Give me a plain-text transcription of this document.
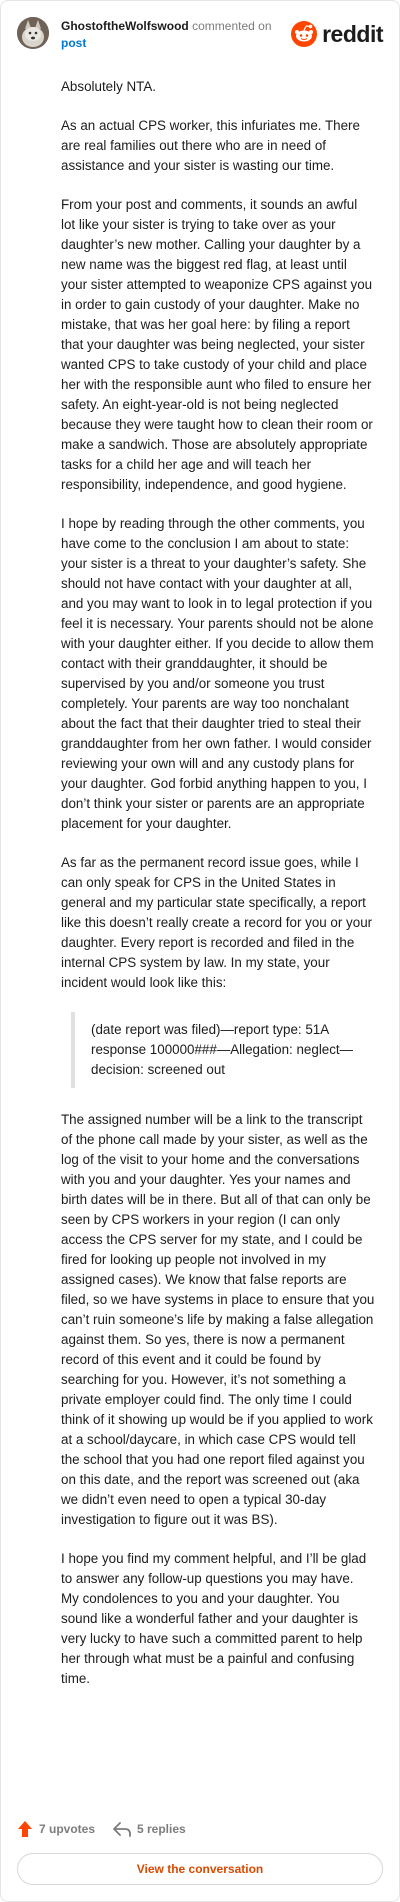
GhostoftheWolfswood commented on
post	reddit

Absolutely NTA.

As an actual CPS worker, this infuriates me. There are real families out there who are in need of assistance and your sister is wasting our time.

From your post and comments, it sounds an awful lot like your sister is trying to take over as your daughter’s new mother. Calling your daughter by a new name was the biggest red flag, at least until your sister attempted to weaponize CPS against you in order to gain custody of your daughter. Make no mistake, that was her goal here: by filing a report that your daughter was being neglected, your sister wanted CPS to take custody of your child and place her with the responsible aunt who filed to ensure her safety. An eight-year-old is not being neglected because they were taught how to clean their room or make a sandwich. Those are absolutely appropriate tasks for a child her age and will teach her responsibility, independence, and good hygiene.

I hope by reading through the other comments, you have come to the conclusion I am about to state: your sister is a threat to your daughter’s safety. She should not have contact with your daughter at all, and you may want to look in to legal protection if you feel it is necessary. Your parents should not be alone with your daughter either. If you decide to allow them contact with their granddaughter, it should be supervised by you and/or someone you trust completely. Your parents are way too nonchalant about the fact that their daughter tried to steal their granddaughter from her own father. I would consider reviewing your own will and any custody plans for your daughter. God forbid anything happen to you, I don’t think your sister or parents are an appropriate placement for your daughter.

As far as the permanent record issue goes, while I can only speak for CPS in the United States in general and my particular state specifically, a report like this doesn’t really create a record for you or your daughter. Every report is recorded and filed in the internal CPS system by law. In my state, your incident would look like this:

(date report was filed)—report type: 51A response 100000###—Allegation: neglect—decision: screened out

The assigned number will be a link to the transcript of the phone call made by your sister, as well as the log of the visit to your home and the conversations with you and your daughter. Yes your names and birth dates will be in there. But all of that can only be seen by CPS workers in your region (I can only access the CPS server for my state, and I could be fired for looking up people not involved in my assigned cases). We know that false reports are filed, so we have systems in place to ensure that you can’t ruin someone’s life by making a false allegation against them. So yes, there is now a permanent record of this event and it could be found by searching for you. However, it’s not something a private employer could find. The only time I could think of it showing up would be if you applied to work at a school/daycare, in which case CPS would tell the school that you had one report filed against you on this date, and the report was screened out (aka we didn’t even need to open a typical 30-day investigation to figure out it was BS).

I hope you find my comment helpful, and I’ll be glad to answer any follow-up questions you may have. My condolences to you and your daughter. You sound like a wonderful father and your daughter is very lucky to have such a committed parent to help her through what must be a painful and confusing time.

7 upvotes	5 replies
View the conversation
